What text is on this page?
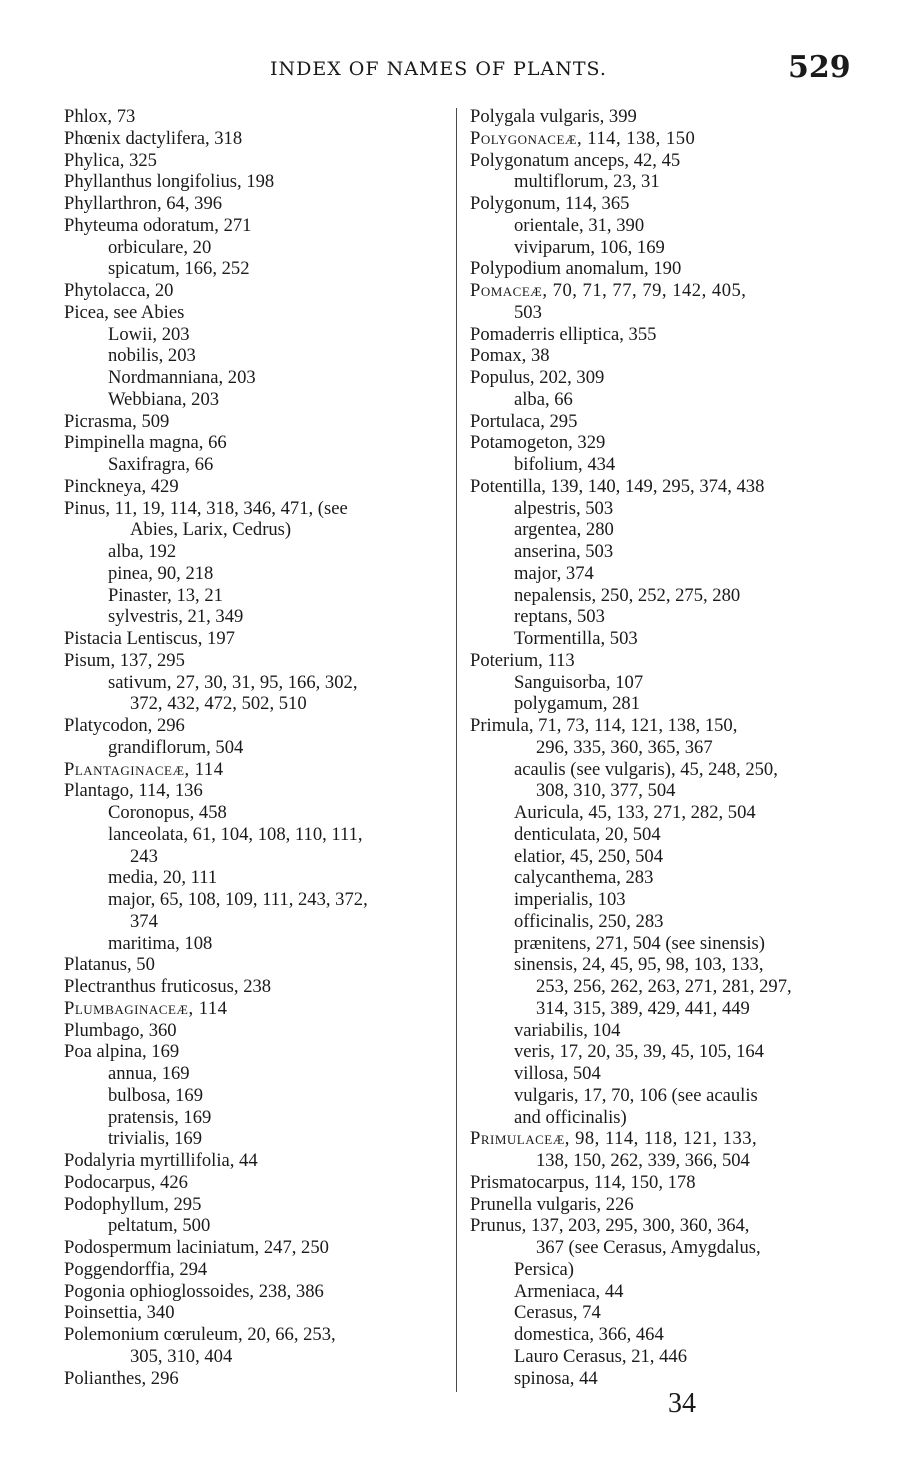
INDEX OF NAMES OF PLANTS.	529
Phlox, 73
Phœnix dactylifera, 318
Phylica, 325
Phyllanthus longifolius, 198
Phyllarthron, 64, 396
Phyteuma odoratum, 271
orbiculare, 20
spicatum, 166, 252
Phytolacca, 20
Picea, see Abies
Lowii, 203
nobilis, 203
Nordmanniana, 203
Webbiana, 203
Picrasma, 509
Pimpinella magna, 66
Saxifragra, 66
Pinckneya, 429
Pinus, 11, 19, 114, 318, 346, 471, (see
Abies, Larix, Cedrus)
alba, 192
pinea, 90, 218
Pinaster, 13, 21
sylvestris, 21, 349
Pistacia Lentiscus, 197
Pisum, 137, 295
sativum, 27, 30, 31, 95, 166, 302,
372, 432, 472, 502, 510
Platycodon, 296
grandiflorum, 504
Plantaginaceæ, 114
Plantago, 114, 136
Coronopus, 458
lanceolata, 61, 104, 108, 110, 111,
243
media, 20, 111
major, 65, 108, 109, 111, 243, 372,
374
maritima, 108
Platanus, 50
Plectranthus fruticosus, 238
Plumbaginaceæ, 114
Plumbago, 360
Poa alpina, 169
annua, 169
bulbosa, 169
pratensis, 169
trivialis, 169
Podalyria myrtillifolia, 44
Podocarpus, 426
Podophyllum, 295
peltatum, 500
Podospermum laciniatum, 247, 250
Poggendorffia, 294
Pogonia ophioglossoides, 238, 386
Poinsettia, 340
Polemonium cœruleum, 20, 66, 253,
305, 310, 404
Polianthes, 296
Polygala vulgaris, 399
Polygonaceæ, 114, 138, 150
Polygonatum anceps, 42, 45
multiflorum, 23, 31
Polygonum, 114, 365
orientale, 31, 390
viviparum, 106, 169
Polypodium anomalum, 190
Pomaceæ, 70, 71, 77, 79, 142, 405,
503
Pomaderris elliptica, 355
Pomax, 38
Populus, 202, 309
alba, 66
Portulaca, 295
Potamogeton, 329
bifolium, 434
Potentilla, 139, 140, 149, 295, 374, 438
alpestris, 503
argentea, 280
anserina, 503
major, 374
nepalensis, 250, 252, 275, 280
reptans, 503
Tormentilla, 503
Poterium, 113
Sanguisorba, 107
polygamum, 281
Primula, 71, 73, 114, 121, 138, 150,
296, 335, 360, 365, 367
acaulis (see vulgaris), 45, 248, 250,
308, 310, 377, 504
Auricula, 45, 133, 271, 282, 504
denticulata, 20, 504
elatior, 45, 250, 504
calycanthema, 283
imperialis, 103
officinalis, 250, 283
prænitens, 271, 504 (see sinensis)
sinensis, 24, 45, 95, 98, 103, 133,
253, 256, 262, 263, 271, 281, 297,
314, 315, 389, 429, 441, 449
variabilis, 104
veris, 17, 20, 35, 39, 45, 105, 164
villosa, 504
vulgaris, 17, 70, 106 (see acaulis
and officinalis)
Primulaceæ, 98, 114, 118, 121, 133,
138, 150, 262, 339, 366, 504
Prismatocarpus, 114, 150, 178
Prunella vulgaris, 226
Prunus, 137, 203, 295, 300, 360, 364,
367 (see Cerasus, Amygdalus,
Persica)
Armeniaca, 44
Cerasus, 74
domestica, 366, 464
Lauro Cerasus, 21, 446
spinosa, 44
34
